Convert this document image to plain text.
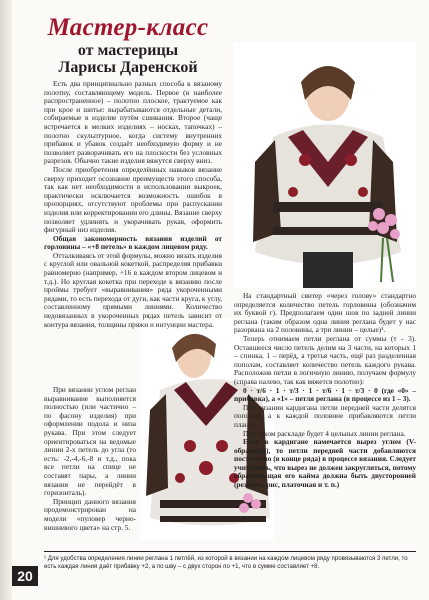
Мастер-класс
от мастерицы
Ларисы Даренской

Есть два принципиально разных способа к вязаному полотну, составляющему модель. Первое (и наиболее распространенное) – полотно плоское, трактуемое как при крое и шитье: вырабатываются отдельные детали, собираемые в изделие путём сшивания. Второе (чаще встречается в мелких изделиях – носках, тапочках) – полотно скульптурное, когда систему внутренних прибавок и убавок создаёт необходимую форму и не позволяет разворачивать его на плоскости без условных разрезов. Обычно такие изделия вяжутся сверху вниз.

После приобретения определённых навыков вязание сверху приходит осознание преимуществ этого способа, так как нет необходимости в использовании выкроек, практически исключается возможность ошибок в пропорциях, отсутствуют проблемы при распускании изделия или корректировании его длины. Вязание сверху позволяет удлинять и укорачивать рукав, оформить фигурный низ изделия.

Общая закономерность вязания изделий от горловины – «+8 петель» в каждом лицевом ряду.

Отталкиваясь от этой формулы, можно вязать изделия с круглой или овальной кокеткой, распределяя прибавки равномерно (например, +16 в каждом втором лицевом и т.д.). Но круглая кокетка при переходе к вязанию после проймы требует «выравнивания» ряда укороченными рядами, то есть перехода от дуги, как части круга, к углу, составленному прямыми линиями. Количество недовязанных в укороченных рядах петель зависит от контура вязания, толщины пряжи и интуиции мастера.

При вязании углом реглан выравнивание выполняется полностью (или частично – по фасону изделия) при оформлении подола и низа рукава. При этом следует ориентироваться на ведомые линии 2-х петель до угла (то есть: -2,-4,-6,-8 и т.д., пока все петли на спице не составят пары, а линии вязания не перейдёт в горизонталь).

Принцип данного вязания продемонстрирован на модели «пуловер черно-вишневого цвета» на стр. 5.

На стандартный свитер «через голову» стандартно определяется количество петель горловины (обозначим их буквой г). Предполагаем один шов по задней линии реглана (таким образом одна линия реглана будет у нас разорвана на 2 половины, а три линии – целые)¹.

Теперь отнимаем петли реглана от суммы (т - 3). Оставшееся число петель делим на 3 части, на которых 1 – спинка, 1 – перёд, а третья часть, ещё раз разделенная пополам, составляет количество петель каждого рукава. Расположив петли в логичную линию, получаем формулу (справа налево, так как вяжется полотно):

0 · т/6 · 1 · т/3 · 1 · т/6 · 1 · т/3 · 0 (где «0» – прибавка), а «1» – петля реглана (в процессе из 1 – 3).

При вязании кардигана петли передней части делятся пополам, а к каждой половине прибавляются петли планки.

При таком раскладе будет 4 цельных линии реглана.

Если в кардигане намечается вырез углом (V-образный), то петли передней части добавляются постепенно (в конце ряда) в процессе вязания. Следует учитывать, что вырез не должен закругляться, потому обрамляющая его кайма должна быть двусторонней (резинка, рис, платочная и т. п.)

¹ Для удобства определения линии реглана 1 петлёй, из которой в вязании на каждом лицевом ряду провязываются 3 петли, то есть каждая линия даёт прибавку +2, а по шву – с двух сторон по +1, что в сумме составляет +8.
20
